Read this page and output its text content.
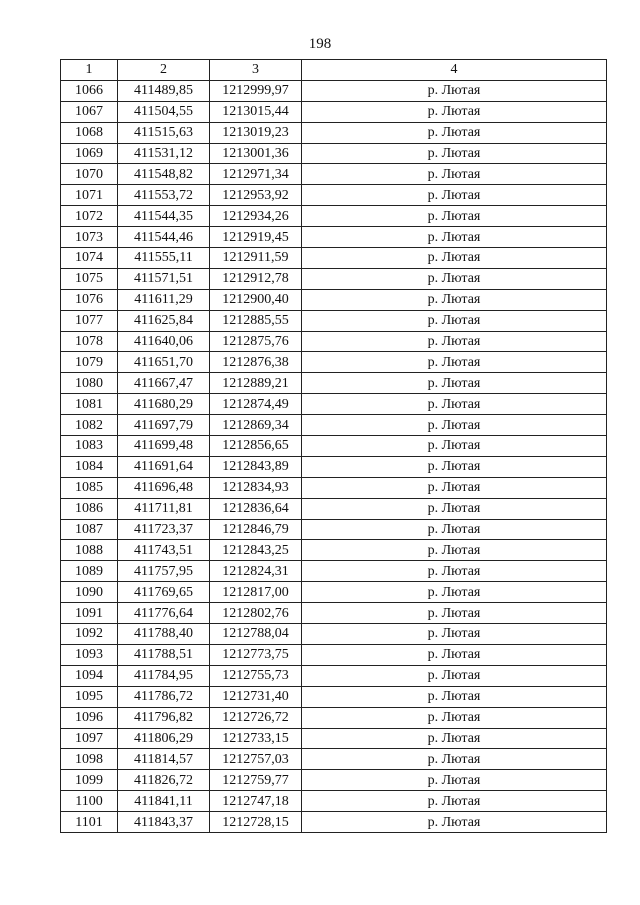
198
1	2	3	4
1066	411489,85	1212999,97	р. Лютая
1067	411504,55	1213015,44	р. Лютая
1068	411515,63	1213019,23	р. Лютая
1069	411531,12	1213001,36	р. Лютая
1070	411548,82	1212971,34	р. Лютая
1071	411553,72	1212953,92	р. Лютая
1072	411544,35	1212934,26	р. Лютая
1073	411544,46	1212919,45	р. Лютая
1074	411555,11	1212911,59	р. Лютая
1075	411571,51	1212912,78	р. Лютая
1076	411611,29	1212900,40	р. Лютая
1077	411625,84	1212885,55	р. Лютая
1078	411640,06	1212875,76	р. Лютая
1079	411651,70	1212876,38	р. Лютая
1080	411667,47	1212889,21	р. Лютая
1081	411680,29	1212874,49	р. Лютая
1082	411697,79	1212869,34	р. Лютая
1083	411699,48	1212856,65	р. Лютая
1084	411691,64	1212843,89	р. Лютая
1085	411696,48	1212834,93	р. Лютая
1086	411711,81	1212836,64	р. Лютая
1087	411723,37	1212846,79	р. Лютая
1088	411743,51	1212843,25	р. Лютая
1089	411757,95	1212824,31	р. Лютая
1090	411769,65	1212817,00	р. Лютая
1091	411776,64	1212802,76	р. Лютая
1092	411788,40	1212788,04	р. Лютая
1093	411788,51	1212773,75	р. Лютая
1094	411784,95	1212755,73	р. Лютая
1095	411786,72	1212731,40	р. Лютая
1096	411796,82	1212726,72	р. Лютая
1097	411806,29	1212733,15	р. Лютая
1098	411814,57	1212757,03	р. Лютая
1099	411826,72	1212759,77	р. Лютая
1100	411841,11	1212747,18	р. Лютая
1101	411843,37	1212728,15	р. Лютая
